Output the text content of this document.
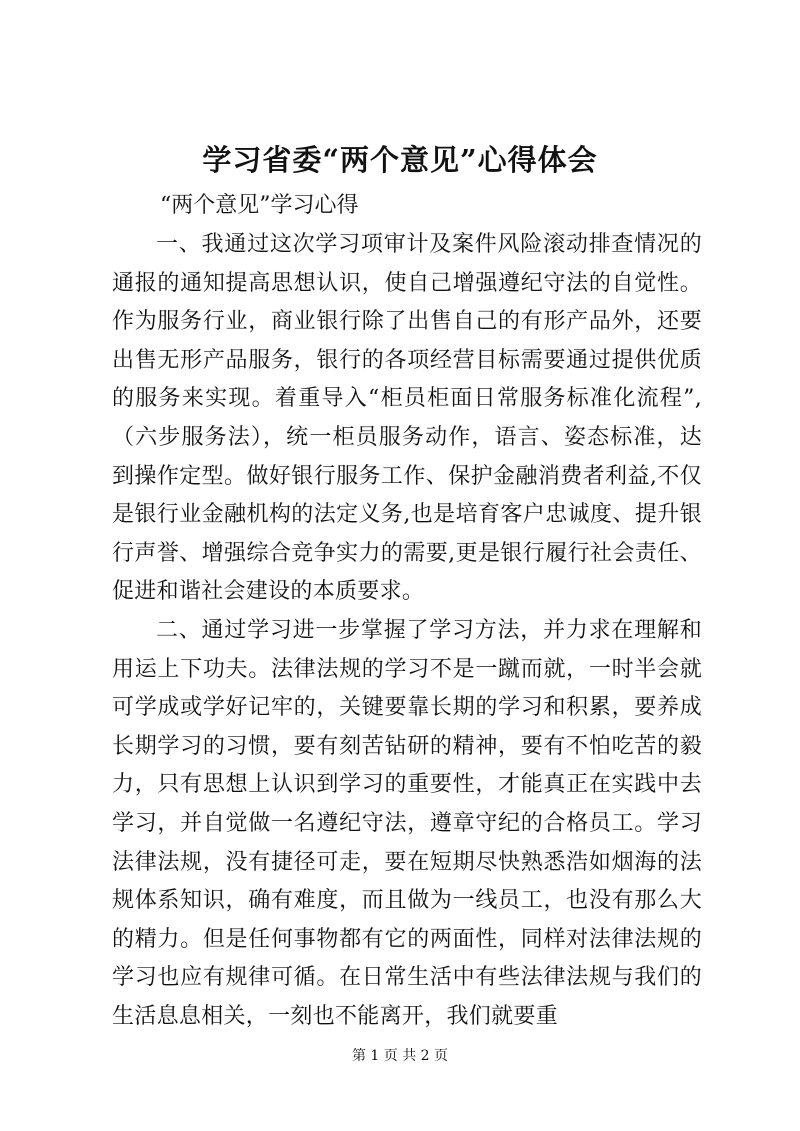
学习省委“两个意见”心得体会
“两个意见”学习心得

一、我通过这次学习项审计及案件风险滚动排查情况的通报的通知提高思想认识，使自己增强遵纪守法的自觉性。作为服务行业，商业银行除了出售自己的有形产品外，还要出售无形产品服务，银行的各项经营目标需要通过提供优质的服务来实现。着重导入“柜员柜面日常服务标准化流程”,（六步服务法），统一柜员服务动作，语言、姿态标准，达到操作定型。做好银行服务工作、保护金融消费者利益,不仅是银行业金融机构的法定义务,也是培育客户忠诚度、提升银行声誉、增强综合竞争实力的需要,更是银行履行社会责任、促进和谐社会建设的本质要求。

二、通过学习进一步掌握了学习方法，并力求在理解和用运上下功夫。法律法规的学习不是一蹴而就，一时半会就可学成或学好记牢的，关键要靠长期的学习和积累，要养成长期学习的习惯，要有刻苦钻研的精神，要有不怕吃苦的毅力，只有思想上认识到学习的重要性，才能真正在实践中去学习，并自觉做一名遵纪守法，遵章守纪的合格员工。学习法律法规，没有捷径可走，要在短期尽快熟悉浩如烟海的法规体系知识，确有难度，而且做为一线员工，也没有那么大的精力。但是任何事物都有它的两面性，同样对法律法规的学习也应有规律可循。在日常生活中有些法律法规与我们的生活息息相关，一刻也不能离开，我们就要重

第 1 页 共 2 页
